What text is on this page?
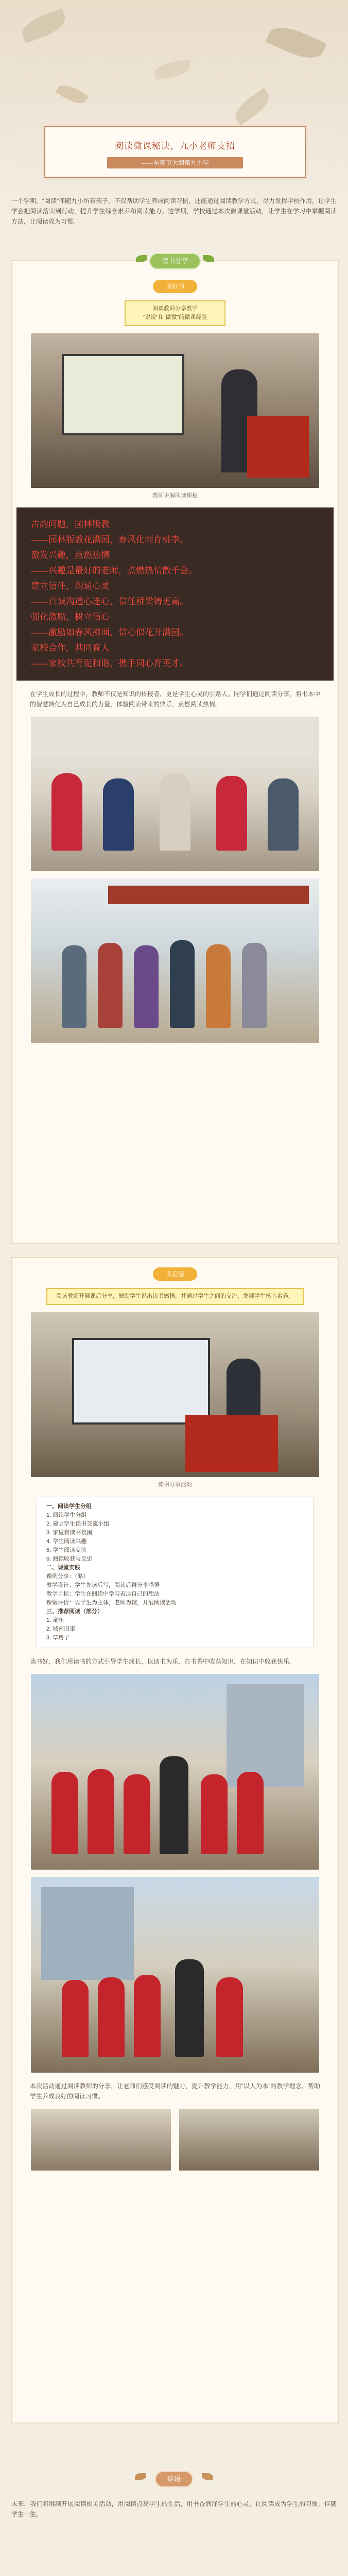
阅读微课秘诀，九小老师支招
——东莞市大朗第九小学
一个学期，“阅读”伴随九小所有孩子，不仅帮助学生养成阅读习惯，还能通过阅读教学方式，尽力发挥学校作用，让学生学会把阅读落实到行动，提升学生综合素养和阅读能力。这学期，学校通过本次微课堂活动，让学生在学习中掌握阅读方法，让阅读成为习惯。
读书分享
读好书
阅读教师分享教学
“说说”和“做做”的微课经验
教师讲解阅读课程
古韵问题，园林版教
——园林版教花满园，春风化雨育桃李。
激发兴趣，点燃热情
——兴趣是最好的老师，点燃热情散千金。
建立信任，沟通心灵
——真诚沟通心连心，信任桥梁铸更高。
强化激励，树立信心
——激励如春风拂面，信心似花开满园。
家校合作，共同育人
——家校共育促和谐，携手同心育英才。
在学生成长的过程中，教师不仅是知识的传授者，更是学生心灵的引路人。同学们通过阅读分享，将书本中的智慧转化为自己成长的力量，体验阅读带来的快乐，点燃阅读热情。
读后感
阅读教师开展课后分享，鼓励学生说出读书感悟，并通过学生之间的交流，发展学生核心素养。
读书分享活动
一、阅读学生分组
1. 阅读学生分组
2. 建立学生读书交流小组
3. 家里有读书氛围
4. 学生阅读兴趣
5. 学生阅读交流
6. 阅读收获与反思
二、课堂实践
课例分享：（略）
教学设计：学生先读后写，阅读后再分享感悟
教学目标：学生在阅读中学习表达自己的想法
课堂评价：以学生为主体，老师为辅，开展阅读活动
三、推荐阅读（部分）
1. 童年
2. 城南旧事
3. 草房子
读书好，我们用读书的方式引导学生成长，以读书为乐，在书香中收获知识，在知识中收获快乐。
本次活动通过阅读教师的分享，让老师们感受阅读的魅力，提升教学能力，用“以人为本”的教学理念，帮助学生养成良好的阅读习惯。
结语
未来，我们将继续开展阅读相关活动，用阅读点亮学生的生活，用书香润泽学生的心灵，让阅读成为学生的习惯，伴随学生一生。
